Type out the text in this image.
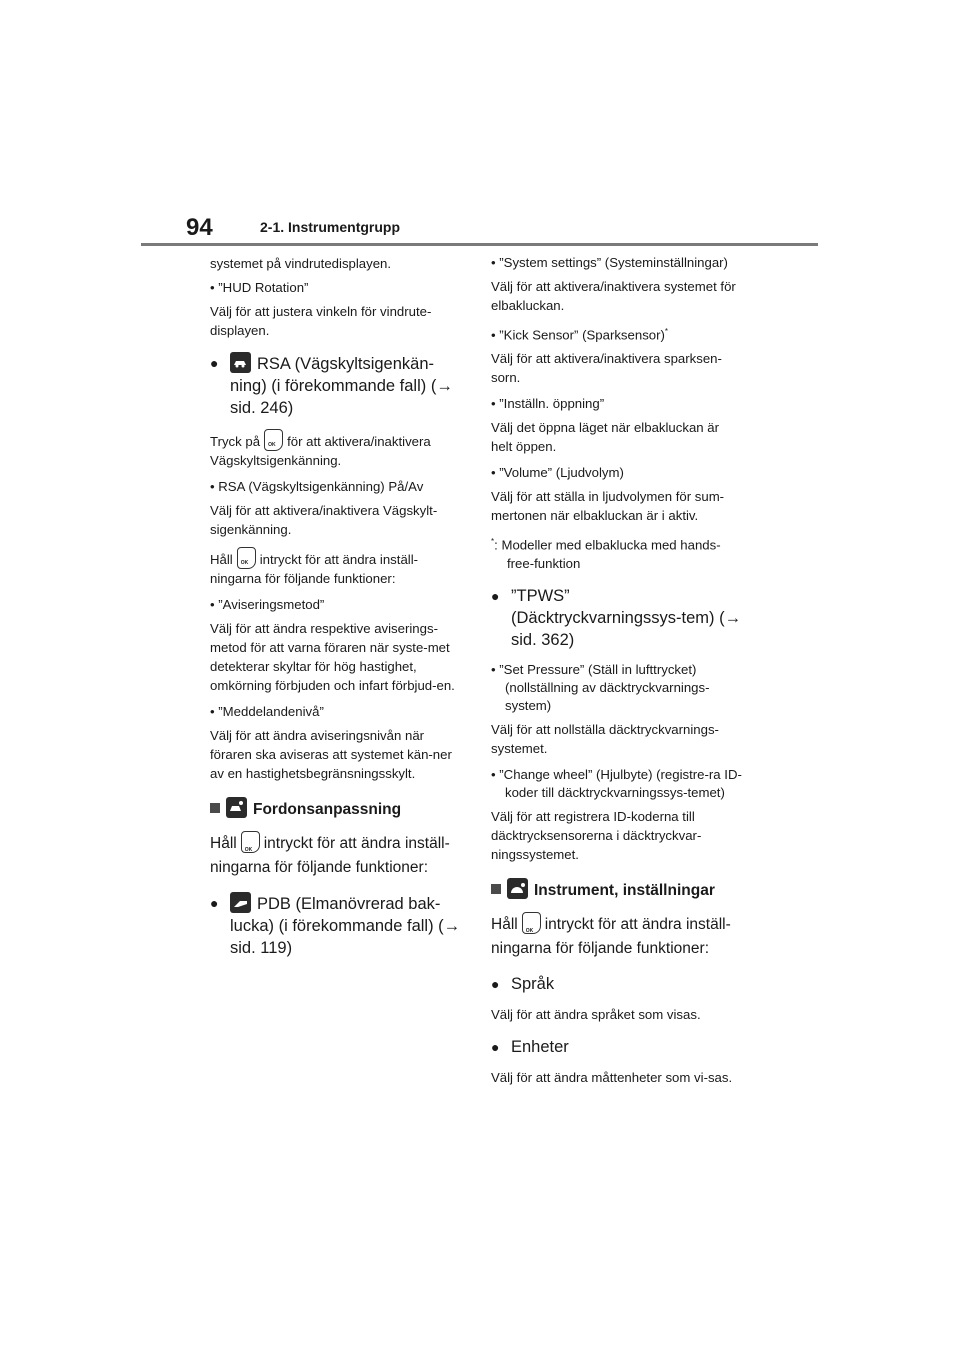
94	2-1. Instrumentgrupp

systemet på vindrutedisplayen.

• ”HUD Rotation”

Välj för att justera vinkeln för vindrute-displayen.

● RSA (Vägskyltsigenkän-ning) (i förekommande fall) (→ sid. 246)

Tryck på OK för att aktivera/inaktivera Vägskyltsigenkänning.

• RSA (Vägskyltsigenkänning) På/Av

Välj för att aktivera/inaktivera Vägskylt-sigenkänning.

Håll OK intryckt för att ändra inställ-ningarna för följande funktioner:

• ”Aviseringsmetod”

Välj för att ändra respektive aviserings-metod för att varna föraren när syste-met detekterar skyltar för hög hastighet, omkörning förbjuden och infart förbjud-en.

• ”Meddelandenivå”

Välj för att ändra aviseringsnivån när föraren ska aviseras att systemet kän-ner av en hastighetsbegränsningsskylt.

Fordonsanpassning

Håll OK intryckt för att ändra inställ-ningarna för följande funktioner:

● PDB (Elmanövrerad bak-lucka) (i förekommande fall) (→ sid. 119)

• ”System settings” (Systeminställningar)

Välj för att aktivera/inaktivera systemet för elbakluckan.

• ”Kick Sensor” (Sparksensor)*

Välj för att aktivera/inaktivera sparksen-sorn.

• ”Inställn. öppning”

Välj det öppna läget när elbakluckan är helt öppen.

• ”Volume” (Ljudvolym)

Välj för att ställa in ljudvolymen för sum-mertonen när elbakluckan är i aktiv.

*: Modeller med elbaklucka med hands-free-funktion

● ”TPWS” (Däcktryckvarningssys-tem) (→ sid. 362)

• ”Set Pressure” (Ställ in lufttrycket) (nollställning av däcktryckvarnings-system)

Välj för att nollställa däcktryckvarnings-systemet.

• ”Change wheel” (Hjulbyte) (registre-ra ID-koder till däcktryckvarningssys-temet)

Välj för att registrera ID-koderna till däcktrycksensorerna i däcktryckvar-ningssystemet.

Instrument, inställningar

Håll OK intryckt för att ändra inställ-ningarna för följande funktioner:

● Språk

Välj för att ändra språket som visas.

● Enheter

Välj för att ändra måttenheter som vi-sas.
